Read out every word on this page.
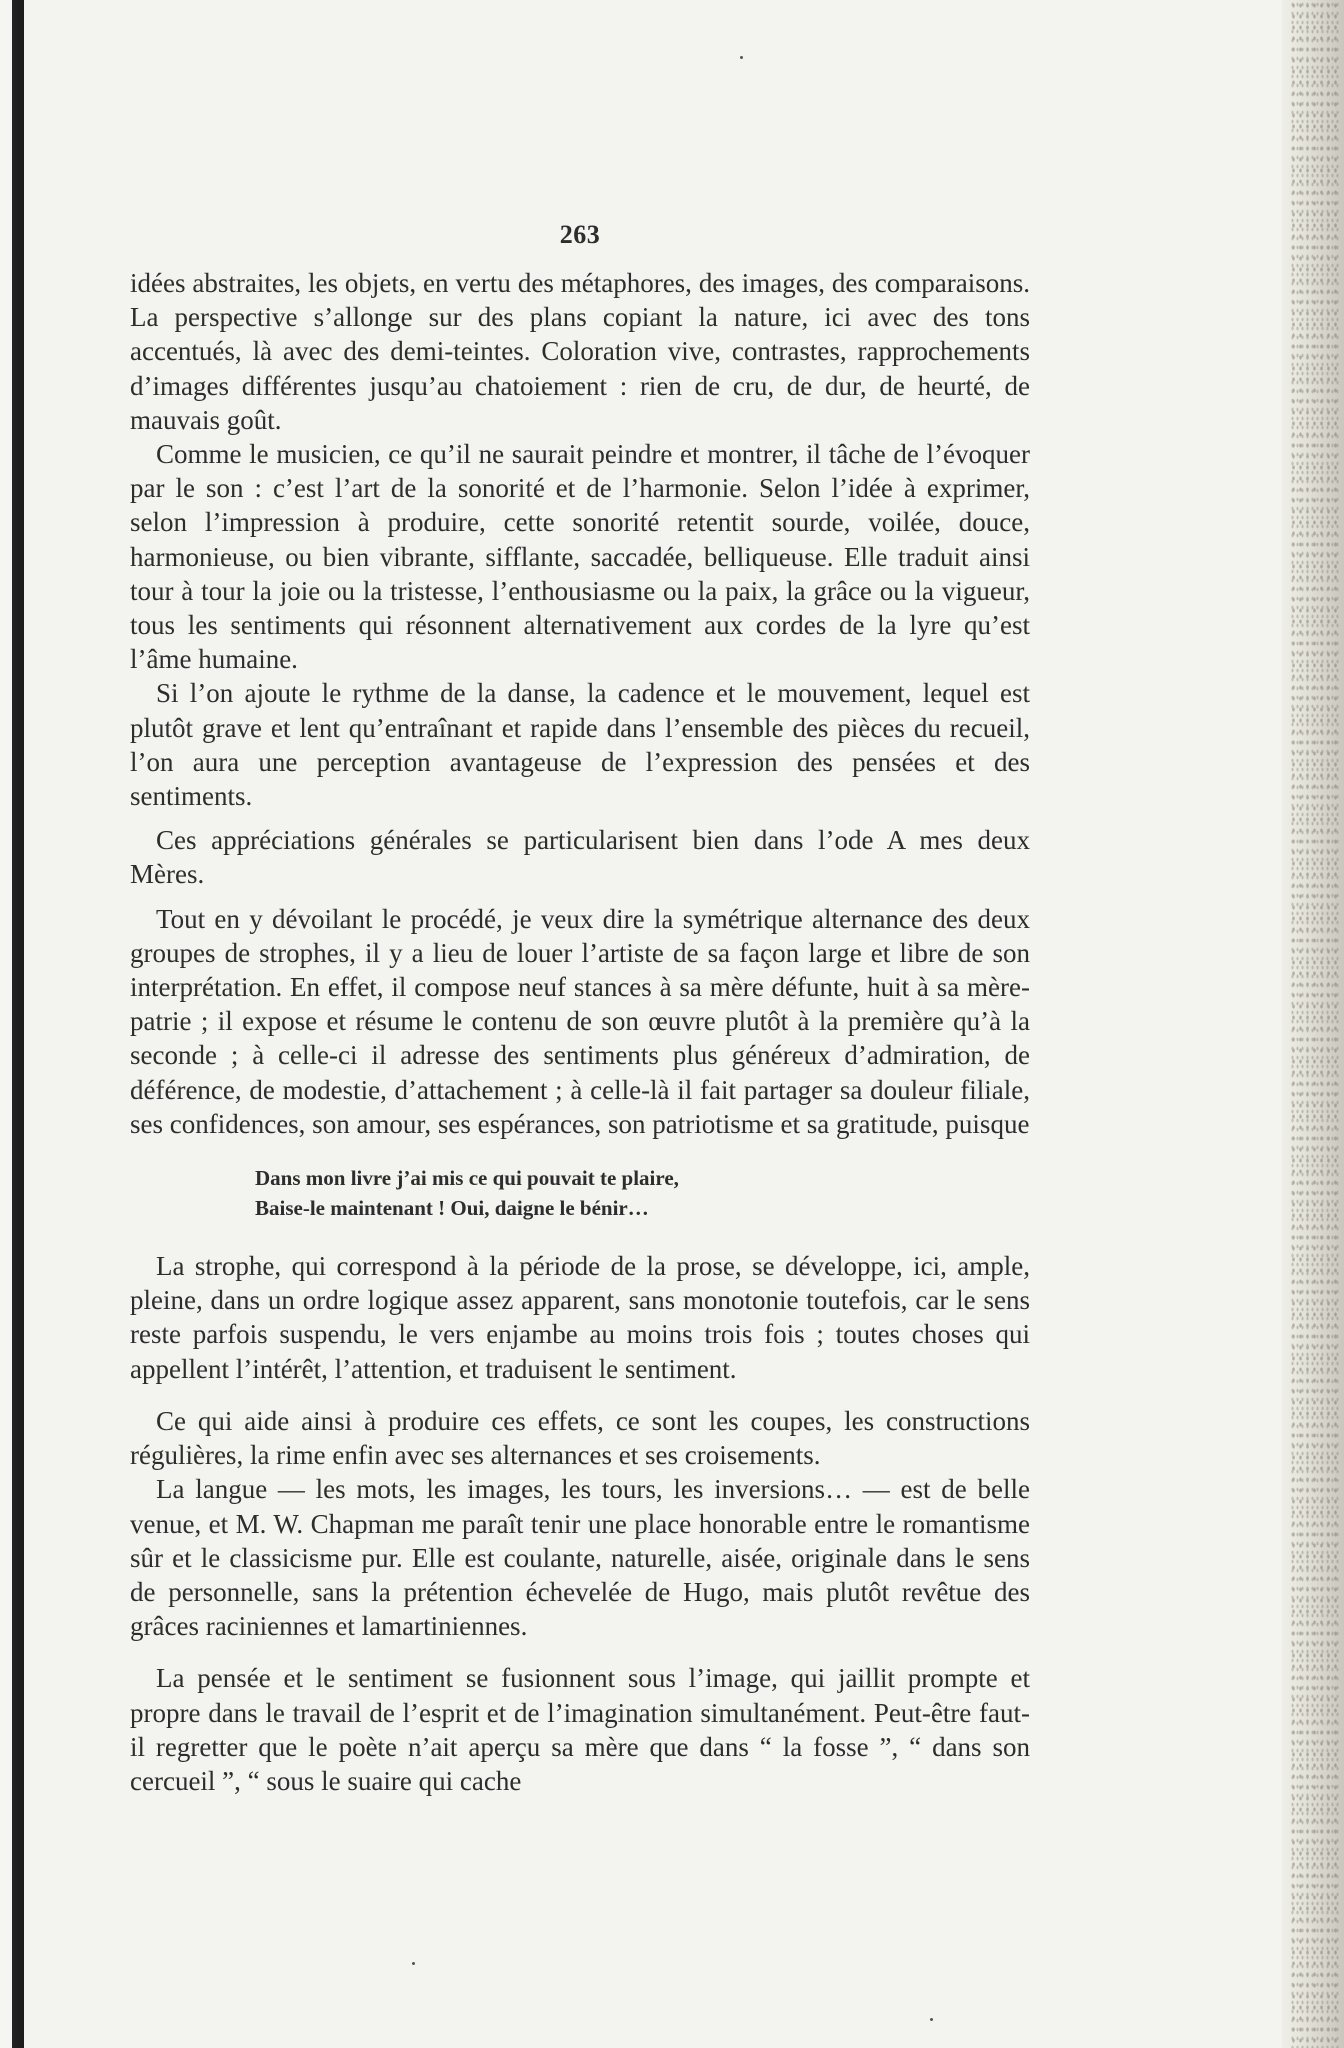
263

idées abstraites, les objets, en vertu des métaphores, des images, des comparaisons. La perspective s’allonge sur des plans copiant la nature, ici avec des tons accentués, là avec des demi-teintes. Coloration vive, contrastes, rapprochements d’images différentes jusqu’au chatoiement : rien de cru, de dur, de heurté, de mauvais goût.

Comme le musicien, ce qu’il ne saurait peindre et montrer, il tâche de l’évoquer par le son : c’est l’art de la sonorité et de l’harmonie. Selon l’idée à exprimer, selon l’impression à produire, cette sonorité retentit sourde, voilée, douce, harmonieuse, ou bien vibrante, sifflante, saccadée, belliqueuse. Elle traduit ainsi tour à tour la joie ou la tristesse, l’enthousiasme ou la paix, la grâce ou la vigueur, tous les sentiments qui résonnent alternativement aux cordes de la lyre qu’est l’âme humaine.

Si l’on ajoute le rythme de la danse, la cadence et le mouvement, lequel est plutôt grave et lent qu’entraînant et rapide dans l’ensemble des pièces du recueil, l’on aura une perception avantageuse de l’expression des pensées et des sentiments.

Ces appréciations générales se particularisent bien dans l’ode A mes deux Mères.

Tout en y dévoilant le procédé, je veux dire la symétrique alternance des deux groupes de strophes, il y a lieu de louer l’artiste de sa façon large et libre de son interprétation. En effet, il compose neuf stances à sa mère défunte, huit à sa mère-patrie ; il expose et résume le contenu de son œuvre plutôt à la première qu’à la seconde ; à celle-ci il adresse des sentiments plus généreux d’admiration, de déférence, de modestie, d’attachement ; à celle-là il fait partager sa douleur filiale, ses confidences, son amour, ses espérances, son patriotisme et sa gratitude, puisque

Dans mon livre j’ai mis ce qui pouvait te plaire,
Baise-le maintenant ! Oui, daigne le bénir…

La strophe, qui correspond à la période de la prose, se développe, ici, ample, pleine, dans un ordre logique assez apparent, sans monotonie toutefois, car le sens reste parfois suspendu, le vers enjambe au moins trois fois ; toutes choses qui appellent l’intérêt, l’attention, et traduisent le sentiment.

Ce qui aide ainsi à produire ces effets, ce sont les coupes, les constructions régulières, la rime enfin avec ses alternances et ses croisements.

La langue — les mots, les images, les tours, les inversions… — est de belle venue, et M. W. Chapman me paraît tenir une place honorable entre le romantisme sûr et le classicisme pur. Elle est coulante, naturelle, aisée, originale dans le sens de personnelle, sans la prétention échevelée de Hugo, mais plutôt revêtue des grâces raciniennes et lamartiniennes.

La pensée et le sentiment se fusionnent sous l’image, qui jaillit prompte et propre dans le travail de l’esprit et de l’imagination simultanément. Peut-être faut-il regretter que le poète n’ait aperçu sa mère que dans “ la fosse ”, “ dans son cercueil ”, “ sous le suaire qui cache
